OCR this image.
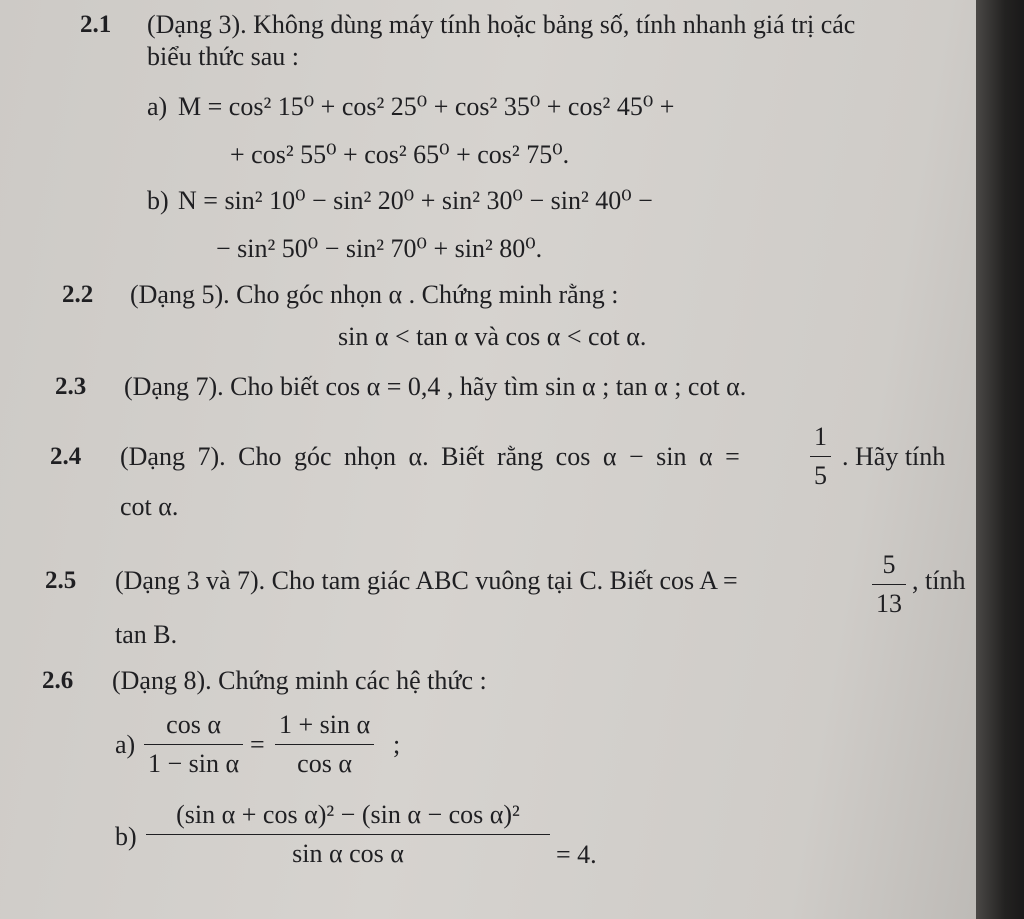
2.1 (Dạng 3). Không dùng máy tính hoặc bảng số, tính nhanh giá trị các
biểu thức sau :
a) M = cos² 15⁰ + cos² 25⁰ + cos² 35⁰ + cos² 45⁰ +
+ cos² 55⁰ + cos² 65⁰ + cos² 75⁰.
b) N = sin² 10⁰ − sin² 20⁰ + sin² 30⁰ − sin² 40⁰ −
− sin² 50⁰ − sin² 70⁰ + sin² 80⁰.
2.2 (Dạng 5). Cho góc nhọn α . Chứng minh rằng :
sin α < tan α và cos α < cot α.
2.3 (Dạng 7). Cho biết cos α = 0,4 , hãy tìm sin α ; tan α ; cot α.
2.4 (Dạng 7). Cho góc nhọn α. Biết rằng cos α − sin α =	$\frac{1}{5}$ . Hãy tính
cot α.
2.5 (Dạng 3 và 7). Cho tam giác ABC vuông tại C. Biết cos A =	$\frac{5}{13}$ , tính
tan B.
2.6 (Dạng 8). Chứng minh các hệ thức :
$a) \frac{\text{cos α}}{\text{1 − sin α}} = \frac{\text{1 + sin α}}{\text{cos α}}$ ;
$b) \frac{\text{(sin α + cos α)² − (sin α − cos α)²}}{\text{sin α cos α}} = 4$.
